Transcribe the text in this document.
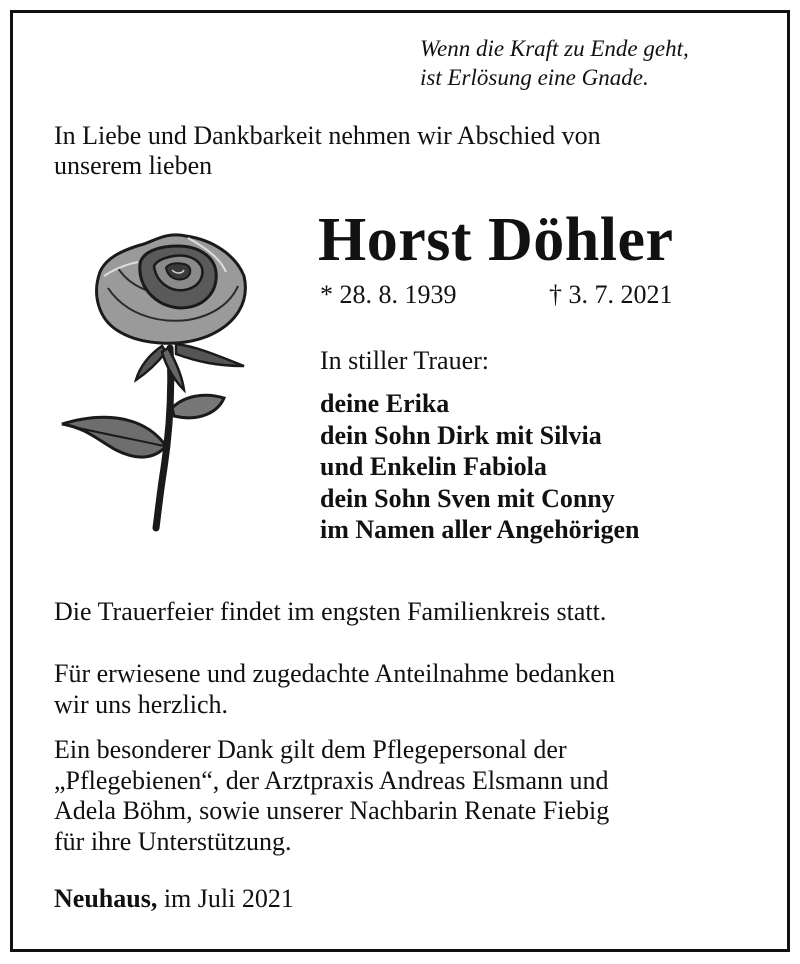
Wenn die Kraft zu Ende geht,
ist Erlösung eine Gnade.
In Liebe und Dankbarkeit nehmen wir Abschied von
unserem lieben
Horst Döhler
* 28. 8. 1939	† 3. 7. 2021
In stiller Trauer:
deine Erika
dein Sohn Dirk mit Silvia
und Enkelin Fabiola
dein Sohn Sven mit Conny
im Namen aller Angehörigen
Die Trauerfeier findet im engsten Familienkreis statt.
Für erwiesene und zugedachte Anteilnahme bedanken
wir uns herzlich.
Ein besonderer Dank gilt dem Pflegepersonal der
„Pflegebienen“, der Arztpraxis Andreas Elsmann und
Adela Böhm, sowie unserer Nachbarin Renate Fiebig
für ihre Unterstützung.
Neuhaus, im Juli 2021
